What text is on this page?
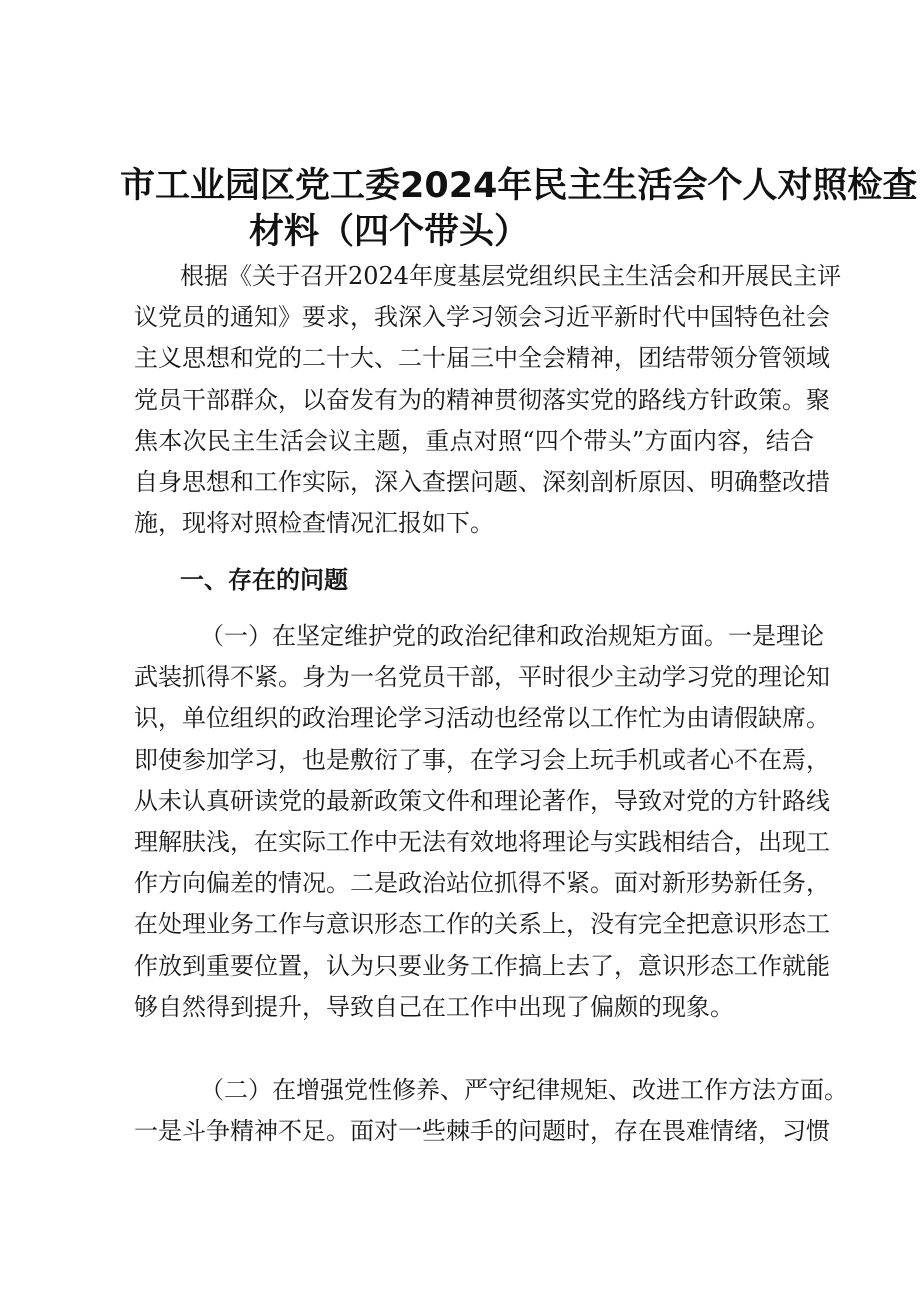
市工业园区党工委2024年民主生活会个人对照检查
材料（四个带头）

根据《关于召开2024年度基层党组织民主生活会和开展民主评
议党员的通知》要求，我深入学习领会习近平新时代中国特色社会
主义思想和党的二十大、二十届三中全会精神，团结带领分管领域
党员干部群众，以奋发有为的精神贯彻落实党的路线方针政策。聚
焦本次民主生活会议主题，重点对照“四个带头”方面内容，结合
自身思想和工作实际，深入查摆问题、深刻剖析原因、明确整改措
施，现将对照检查情况汇报如下。

一、存在的问题

（一）在坚定维护党的政治纪律和政治规矩方面。一是理论
武装抓得不紧。身为一名党员干部，平时很少主动学习党的理论知
识，单位组织的政治理论学习活动也经常以工作忙为由请假缺席。
即使参加学习，也是敷衍了事，在学习会上玩手机或者心不在焉，
从未认真研读党的最新政策文件和理论著作，导致对党的方针路线
理解肤浅，在实际工作中无法有效地将理论与实践相结合，出现工
作方向偏差的情况。二是政治站位抓得不紧。面对新形势新任务，
在处理业务工作与意识形态工作的关系上，没有完全把意识形态工
作放到重要位置，认为只要业务工作搞上去了，意识形态工作就能
够自然得到提升，导致自己在工作中出现了偏颇的现象。

（二）在增强党性修养、严守纪律规矩、改进工作方法方面。
一是斗争精神不足。面对一些棘手的问题时，存在畏难情绪，习惯
